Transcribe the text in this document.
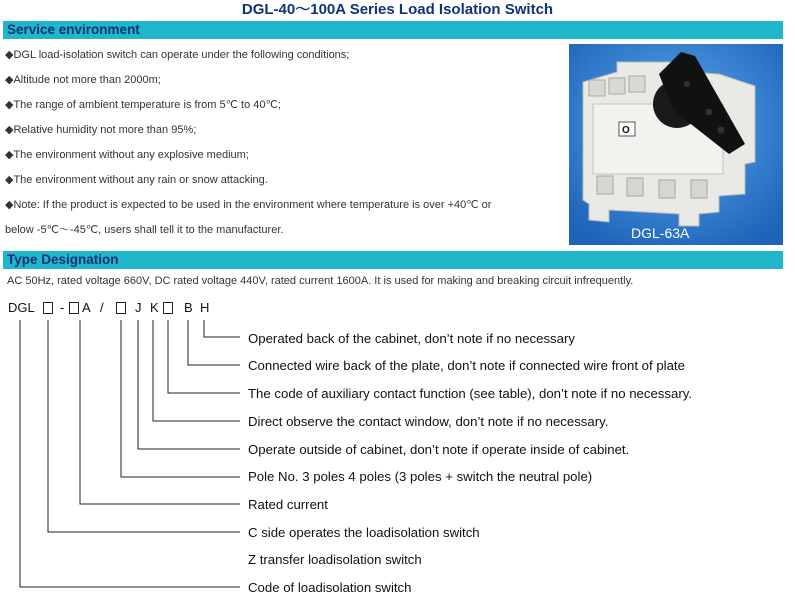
DGL-40～100A Series Load Isolation Switch
Service environment
◆DGL load-isolation switch can operate under the following conditions;
◆Altitude not more than 2000m;
◆The range of ambient temperature is from 5℃ to 40℃;
◆Relative humidity not more than 95%;
◆The environment without any explosive medium;
◆The environment without any rain or snow attacking.
◆Note: If the product is expected to be used in the environment where temperature is over +40℃ or
below -5℃～-45℃, users shall tell it to the manufacturer.
O
DGL-63A
Type Designation
AC 50Hz, rated voltage 660V, DC rated voltage 440V, rated current 1600A. It is used for making and breaking circuit infrequently.
DGL - A / J K B H
Operated back of the cabinet, don’t note if no necessary
Connected wire back of the plate, don’t note if connected wire front of plate
The code of auxiliary contact function (see table), don’t note if no necessary.
Direct observe the contact window, don’t note if no necessary.
Operate outside of cabinet, don’t note if operate inside of cabinet.
Pole No. 3 poles 4 poles (3 poles + switch the neutral pole)
Rated current
C side operates the loadisolation switch
Z transfer loadisolation switch
Code of loadisolation switch
